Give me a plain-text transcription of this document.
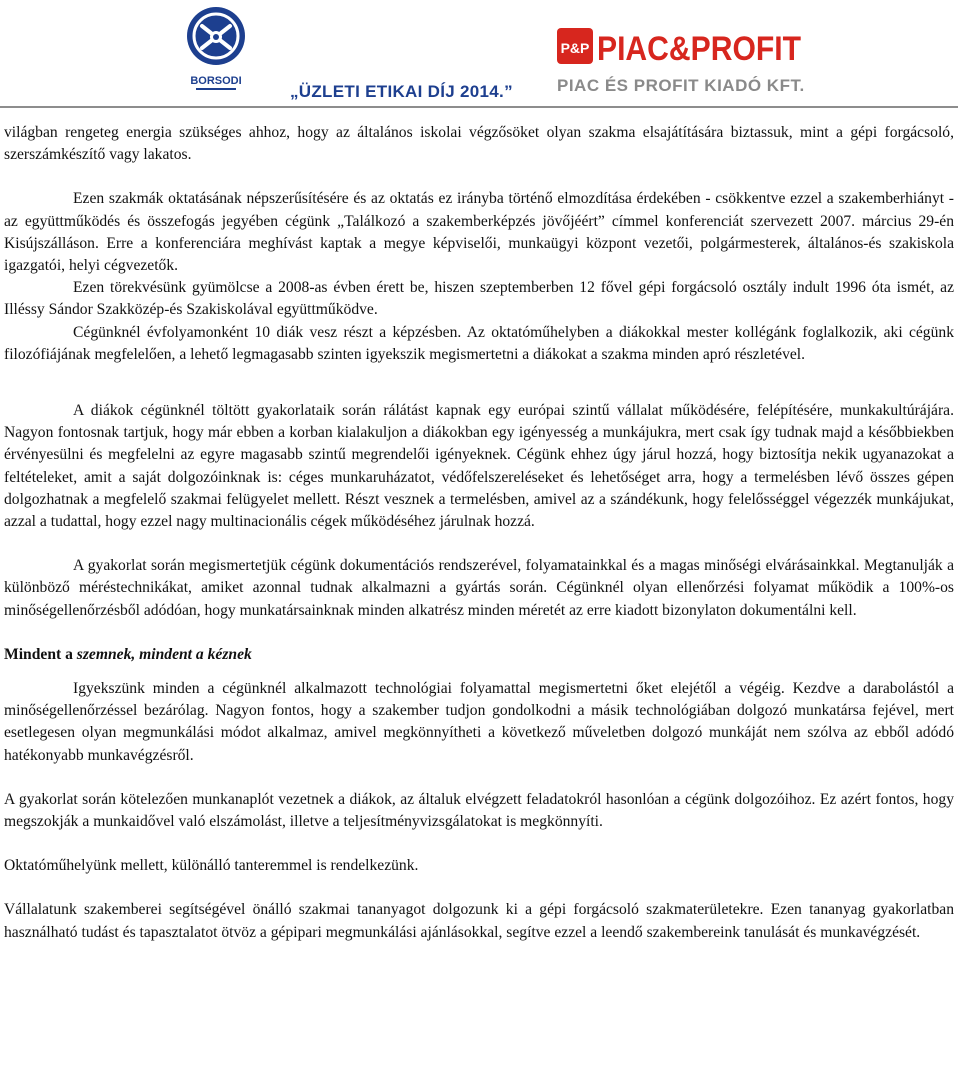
BORSODI
„ÜZLETI ETIKAI DÍJ 2014.”
P&P PIAC&PROFIT
PIAC ÉS PROFIT KIADÓ KFT.

világban rengeteg energia szükséges ahhoz, hogy az általános iskolai végzősöket olyan szakma elsajátítására biztassuk, mint a gépi forgácsoló, szerszámkészítő vagy lakatos.

Ezen szakmák oktatásának népszerűsítésére és az oktatás ez irányba történő elmozdítása érdekében - csökkentve ezzel a szakemberhiányt - az együttműködés és összefogás jegyében cégünk „Találkozó a szakemberképzés jövőjéért” címmel konferenciát szervezett 2007. március 29-én Kisújszálláson. Erre a konferenciára meghívást kaptak a megye képviselői, munkaügyi központ vezetői, polgármesterek, általános-és szakiskola igazgatói, helyi cégvezetők.

Ezen törekvésünk gyümölcse a 2008-as évben érett be, hiszen szeptemberben 12 fővel gépi forgácsoló osztály indult 1996 óta ismét, az Illéssy Sándor Szakközép-és Szakiskolával együttműködve.

Cégünknél évfolyamonként 10 diák vesz részt a képzésben. Az oktatóműhelyben a diákokkal mester kollégánk foglalkozik, aki cégünk filozófiájának megfelelően, a lehető legmagasabb szinten igyekszik megismertetni a diákokat a szakma minden apró részletével.

A diákok cégünknél töltött gyakorlataik során rálátást kapnak egy európai szintű vállalat működésére, felépítésére, munkakultúrájára. Nagyon fontosnak tartjuk, hogy már ebben a korban kialakuljon a diákokban egy igényesség a munkájukra, mert csak így tudnak majd a későbbiekben érvényesülni és megfelelni az egyre magasabb szintű megrendelői igényeknek. Cégünk ehhez úgy járul hozzá, hogy biztosítja nekik ugyanazokat a feltételeket, amit a saját dolgozóinknak is: céges munkaruházatot, védőfelszereléseket és lehetőséget arra, hogy a termelésben lévő összes gépen dolgozhatnak a megfelelő szakmai felügyelet mellett. Részt vesznek a termelésben, amivel az a szándékunk, hogy felelősséggel végezzék munkájukat, azzal a tudattal, hogy ezzel nagy multinacionális cégek működéséhez járulnak hozzá.

A gyakorlat során megismertetjük cégünk dokumentációs rendszerével, folyamatainkkal és a magas minőségi elvárásainkkal. Megtanulják a különböző méréstechnikákat, amiket azonnal tudnak alkalmazni a gyártás során. Cégünknél olyan ellenőrzési folyamat működik a 100%-os minőségellenőrzésből adódóan, hogy munkatársainknak minden alkatrész minden méretét az erre kiadott bizonylaton dokumentálni kell.

Mindent a szemnek, mindent a kéznek

Igyekszünk minden a cégünknél alkalmazott technológiai folyamattal megismertetni őket elejétől a végéig. Kezdve a darabolástól a minőségellenőrzéssel bezárólag. Nagyon fontos, hogy a szakember tudjon gondolkodni a másik technológiában dolgozó munkatársa fejével, mert esetlegesen olyan megmunkálási módot alkalmaz, amivel megkönnyítheti a következő műveletben dolgozó munkáját nem szólva az ebből adódó hatékonyabb munkavégzésről.

A gyakorlat során kötelezően munkanaplót vezetnek a diákok, az általuk elvégzett feladatokról hasonlóan a cégünk dolgozóihoz. Ez azért fontos, hogy megszokják a munkaidővel való elszámolást, illetve a teljesítményvizsgálatokat is megkönnyíti.

Oktatóműhelyünk mellett, különálló tanteremmel is rendelkezünk.

Vállalatunk szakemberei segítségével önálló szakmai tananyagot dolgozunk ki a gépi forgácsoló szakmaterületekre. Ezen tananyag gyakorlatban használható tudást és tapasztalatot ötvöz a gépipari megmunkálási ajánlásokkal, segítve ezzel a leendő szakembereink tanulását és munkavégzését.
